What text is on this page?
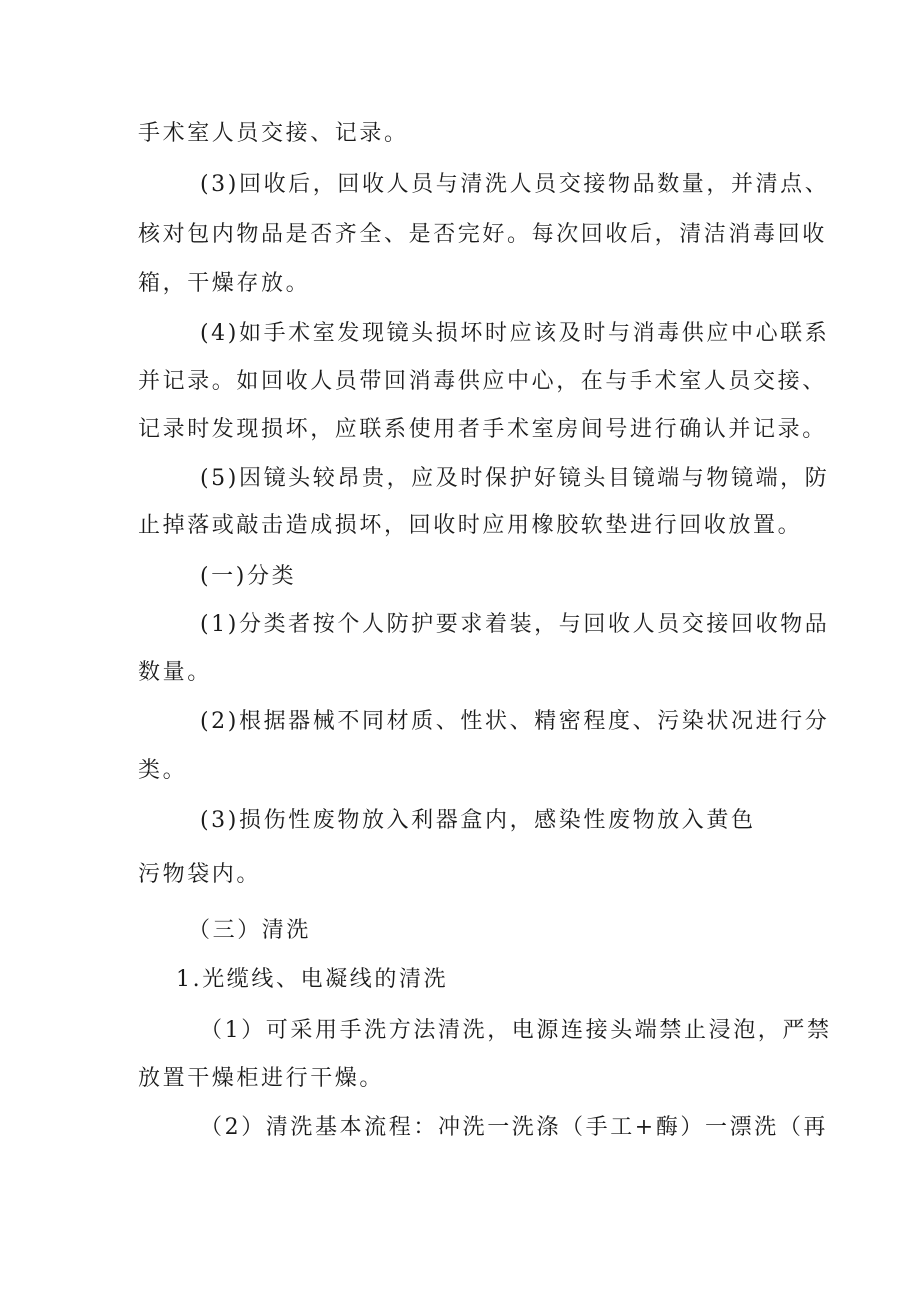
手术室人员交接、记录。
(3)回收后，回收人员与清洗人员交接物品数量，并清点、
核对包内物品是否齐全、是否完好。每次回收后，清洁消毒回收
箱，干燥存放。
(4)如手术室发现镜头损坏时应该及时与消毒供应中心联系
并记录。如回收人员带回消毒供应中心，在与手术室人员交接、
记录时发现损坏，应联系使用者手术室房间号进行确认并记录。
(5)因镜头较昂贵，应及时保护好镜头目镜端与物镜端，防
止掉落或敲击造成损坏，回收时应用橡胶软垫进行回收放置。
(一)分类
(1)分类者按个人防护要求着装，与回收人员交接回收物品
数量。
(2)根据器械不同材质、性状、精密程度、污染状况进行分
类。
(3)损伤性废物放入利器盒内，感染性废物放入黄色
污物袋内。
（三）清洗
1.光缆线、电凝线的清洗
（1）可采用手洗方法清洗，电源连接头端禁止浸泡，严禁
放置干燥柜进行干燥。
（2）清洗基本流程：冲洗一洗涤（手工+酶）一漂洗（再
